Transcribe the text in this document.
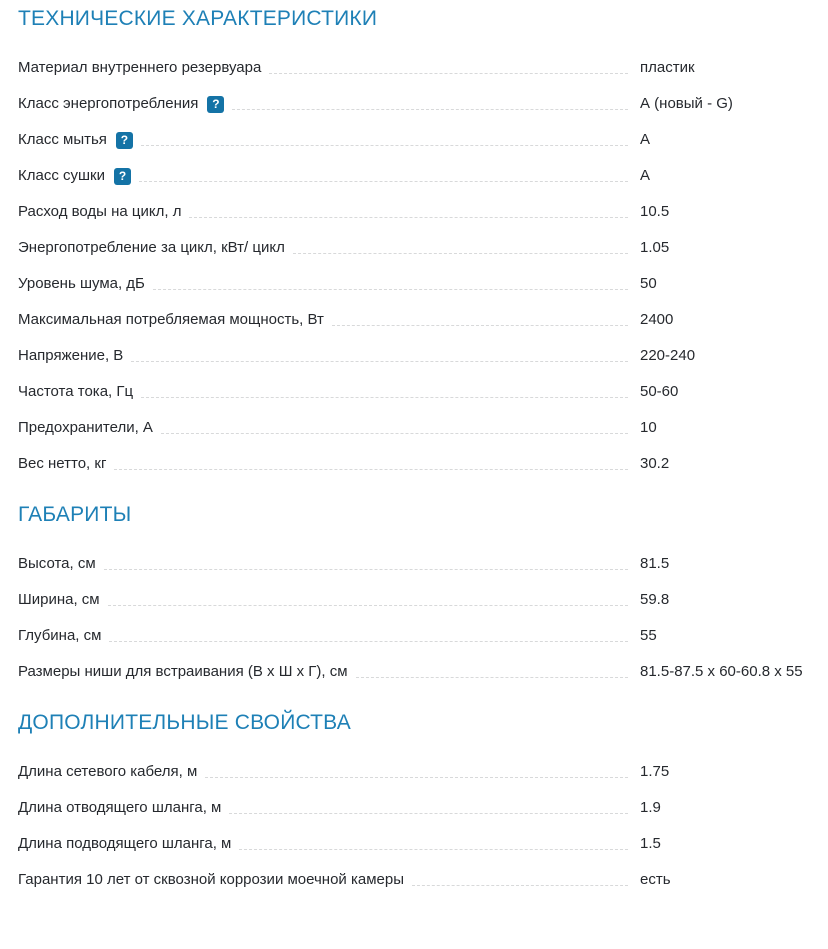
ТЕХНИЧЕСКИЕ ХАРАКТЕРИСТИКИ
Материал внутреннего резервуара	пластик
Класс энергопотребления	?	А (новый - G)
Класс мытья	?	А
Класс сушки	?	А
Расход воды на цикл, л	10.5
Энергопотребление за цикл, кВт/ цикл	1.05
Уровень шума, дБ	50
Максимальная потребляемая мощность, Вт	2400
Напряжение, В	220-240
Частота тока, Гц	50-60
Предохранители, А	10
Вес нетто, кг	30.2
ГАБАРИТЫ
Высота, см	81.5
Ширина, см	59.8
Глубина, см	55
Размеры ниши для встраивания (В х Ш х Г), см	81.5-87.5 x 60-60.8 x 55
ДОПОЛНИТЕЛЬНЫЕ СВОЙСТВА
Длина сетевого кабеля, м	1.75
Длина отводящего шланга, м	1.9
Длина подводящего шланга, м	1.5
Гарантия 10 лет от сквозной коррозии моечной камеры	есть
